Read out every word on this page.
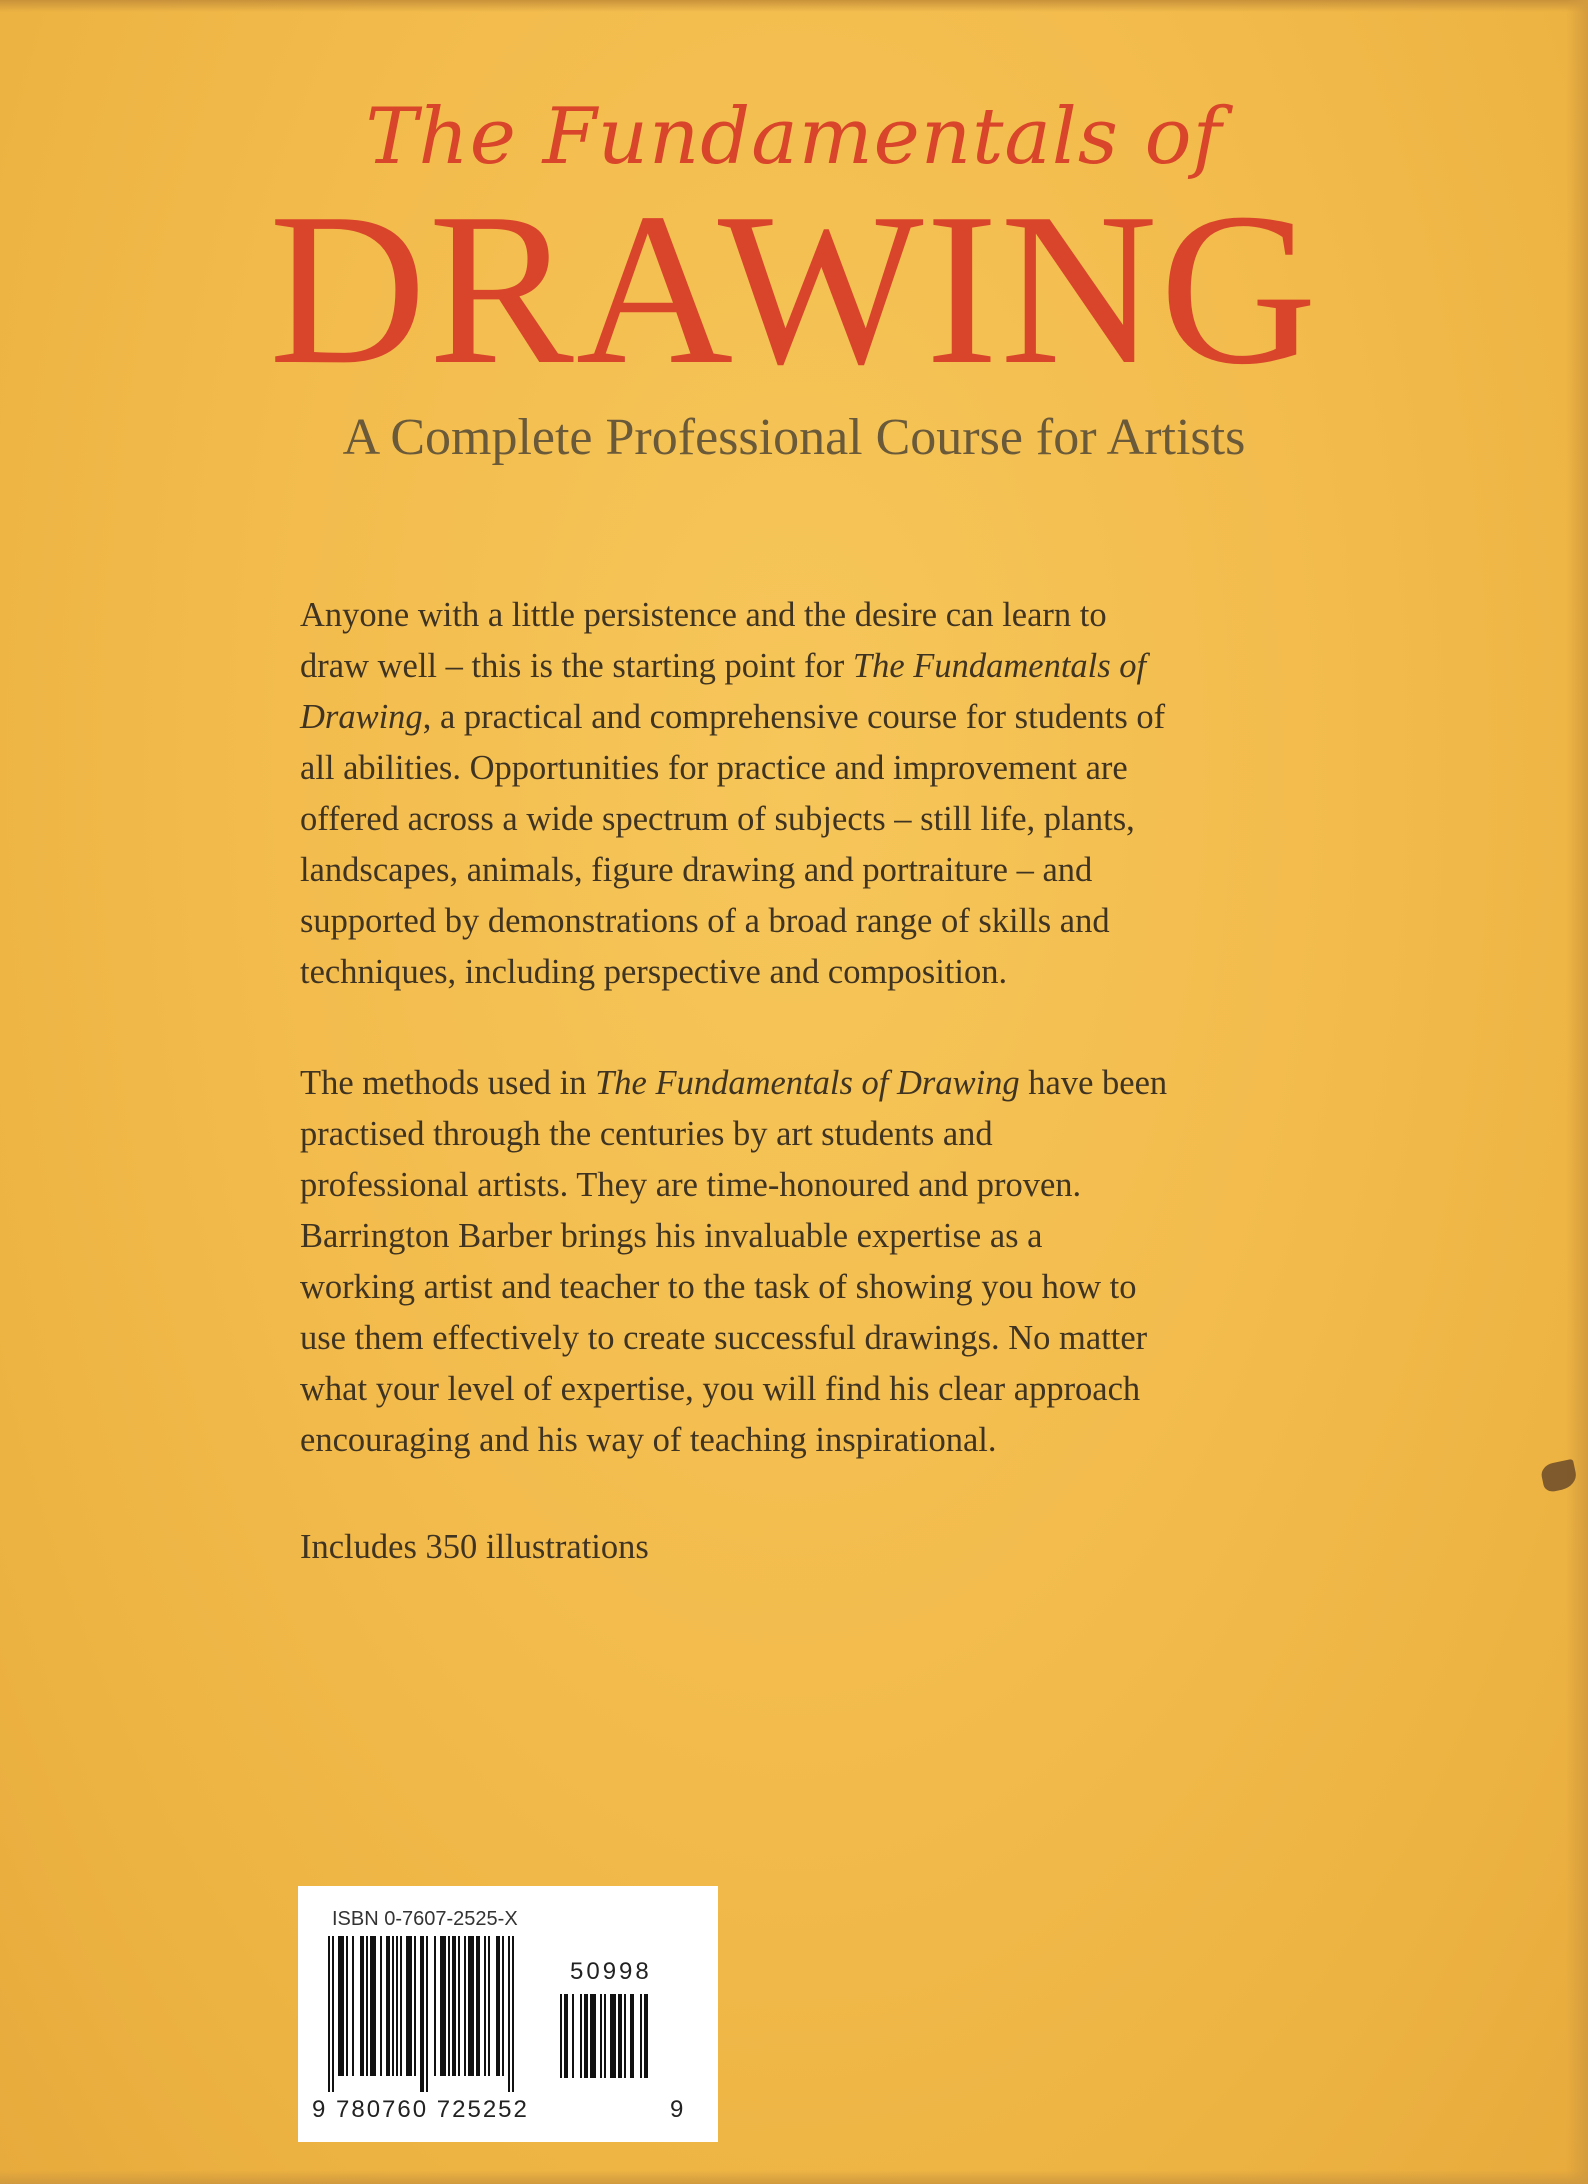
The Fundamentals of
DRAWING
A Complete Professional Course for Artists
Anyone with a little persistence and the desire can learn to
draw well – this is the starting point for The Fundamentals of
Drawing, a practical and comprehensive course for students of
all abilities. Opportunities for practice and improvement are
offered across a wide spectrum of subjects – still life, plants,
landscapes, animals, figure drawing and portraiture – and
supported by demonstrations of a broad range of skills and
techniques, including perspective and composition.
The methods used in The Fundamentals of Drawing have been
practised through the centuries by art students and
professional artists. They are time-honoured and proven.
Barrington Barber brings his invaluable expertise as a
working artist and teacher to the task of showing you how to
use them effectively to create successful drawings. No matter
what your level of expertise, you will find his clear approach
encouraging and his way of teaching inspirational.
Includes 350 illustrations
ISBN 0-7607-2525-X
50998
9 780760 725252	9
